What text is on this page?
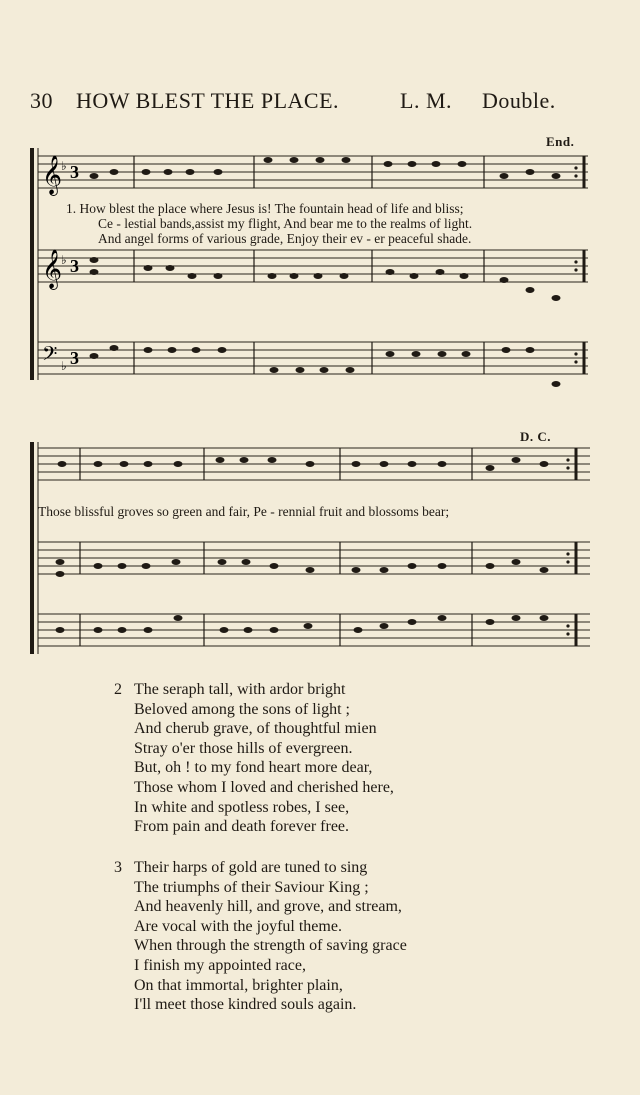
30 HOW BLEST THE PLACE.	L. M. Double.
End.
𝄞 3
♭
𝄞 3
♭
𝄢 3
♭
1. How blest the place where Jesus is! The fountain head of life and bliss;
Ce - lestial bands,assist my flight, And bear me to the realms of light.
And angel forms of various grade, Enjoy their ev - er peaceful shade.
D. C.
Those blissful groves so green and fair, Pe - rennial fruit and blossoms bear;
2 The seraph tall, with ardor bright
Beloved among the sons of light ;
And cherub grave, of thoughtful mien
Stray o'er those hills of evergreen.
But, oh ! to my fond heart more dear,
Those whom I loved and cherished here,
In white and spotless robes, I see,
From pain and death forever free.
3 Their harps of gold are tuned to sing
The triumphs of their Saviour King ;
And heavenly hill, and grove, and stream,
Are vocal with the joyful theme.
When through the strength of saving grace
I finish my appointed race,
On that immortal, brighter plain,
I'll meet those kindred souls again.
